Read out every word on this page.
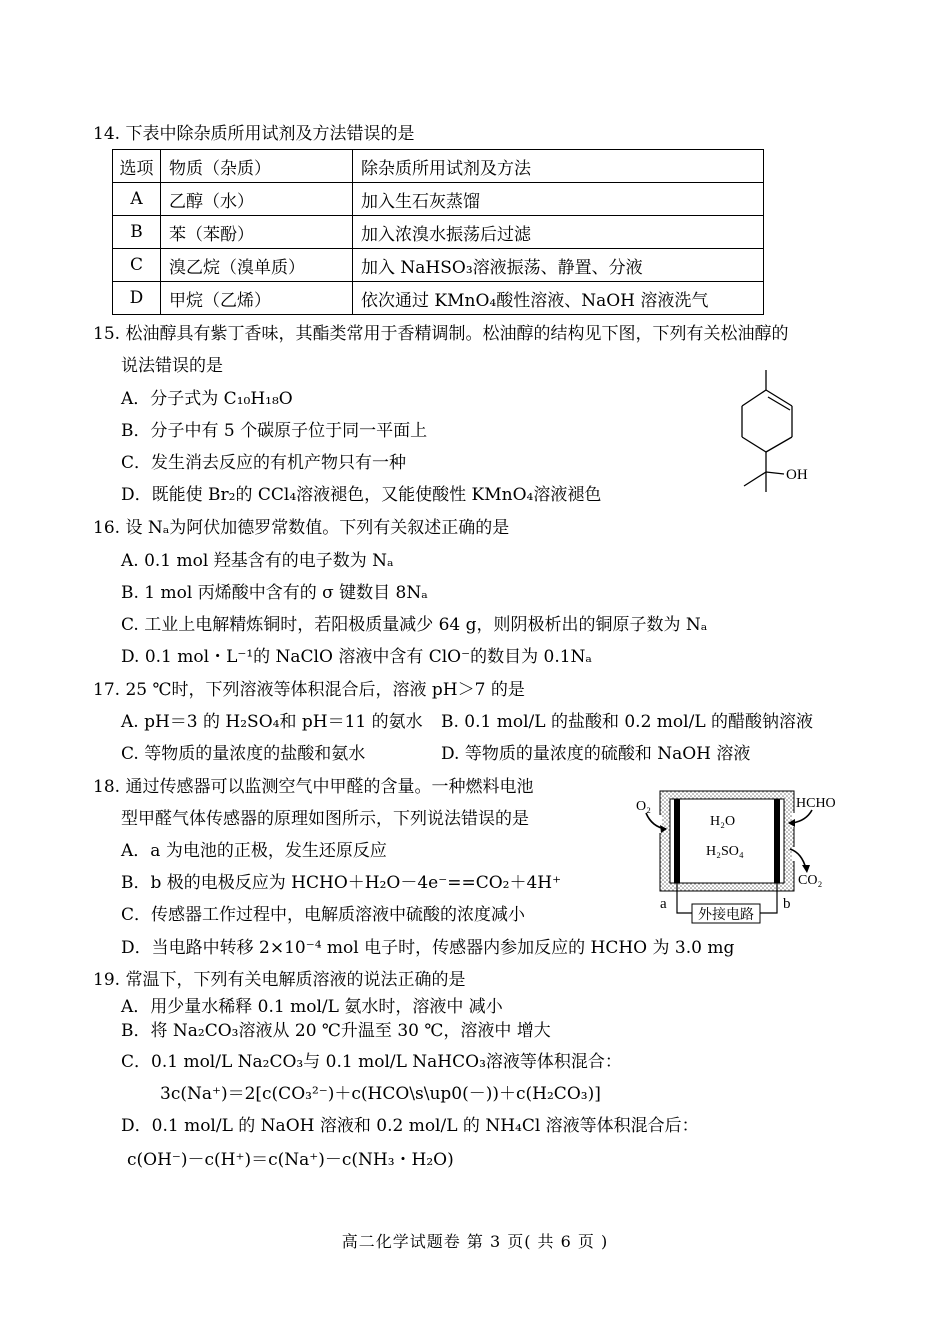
14. 下表中除杂质所用试剂及方法错误的是
选项	物质（杂质）	除杂质所用试剂及方法
A	乙醇（水）	加入生石灰蒸馏
B	苯（苯酚）	加入浓溴水振荡后过滤
C	溴乙烷（溴单质）	加入 NaHSO₃溶液振荡、静置、分液
D	甲烷（乙烯）	依次通过 KMnO₄酸性溶液、NaOH 溶液洗气
15. 松油醇具有紫丁香味，其酯类常用于香精调制。松油醇的结构见下图，下列有关松油醇的
说法错误的是
A．分子式为 C₁₀H₁₈O
B．分子中有 5 个碳原子位于同一平面上
C．发生消去反应的有机产物只有一种
D．既能使 Br₂的 CCl₄溶液褪色，又能使酸性 KMnO₄溶液褪色
OH
16. 设 Nₐ为阿伏加德罗常数值。下列有关叙述正确的是
A. 0.1 mol 羟基含有的电子数为 Nₐ
B. 1 mol 丙烯酸中含有的 σ 键数目 8Nₐ
C. 工业上电解精炼铜时，若阳极质量减少 64 g，则阴极析出的铜原子数为 Nₐ
D. 0.1 mol・L⁻¹的 NaClO 溶液中含有 ClO⁻的数目为 0.1Nₐ
17. 25 ℃时，下列溶液等体积混合后，溶液 pH＞7 的是
A. pH＝3 的 H₂SO₄和 pH＝11 的氨水 B. 0.1 mol/L 的盐酸和 0.2 mol/L 的醋酸钠溶液
C. 等物质的量浓度的盐酸和氨水	D. 等物质的量浓度的硫酸和 NaOH 溶液
18. 通过传感器可以监测空气中甲醛的含量。一种燃料电池
型甲醛气体传感器的原理如图所示，下列说法错误的是
A．a 为电池的正极，发生还原反应
B．b 极的电极反应为 HCHO＋H₂O－4e⁻==CO₂＋4H⁺
C．传感器工作过程中，电解质溶液中硫酸的浓度减小
D．当电路中转移 2×10⁻⁴ mol 电子时，传感器内参加反应的 HCHO 为 3.0 mg
O₂	HCHO
CO₂
H₂O
H₂SO₄
外接电路
a	b
19. 常温下，下列有关电解质溶液的说法正确的是
A．用少量水稀释 0.1 mol/L 氨水时，溶液中 减小
B．将 Na₂CO₃溶液从 20 ℃升温至 30 ℃，溶液中 增大
C．0.1 mol/L Na₂CO₃与 0.1 mol/L NaHCO₃溶液等体积混合：
3c(Na⁺)＝2[c(CO₃²⁻)＋c(HCO\s\up0(－))＋c(H₂CO₃)]
D．0.1 mol/L 的 NaOH 溶液和 0.2 mol/L 的 NH₄Cl 溶液等体积混合后：
c(OH⁻)－c(H⁺)＝c(Na⁺)－c(NH₃・H₂O)
高二化学试题卷 第 3 页( 共 6 页 )
